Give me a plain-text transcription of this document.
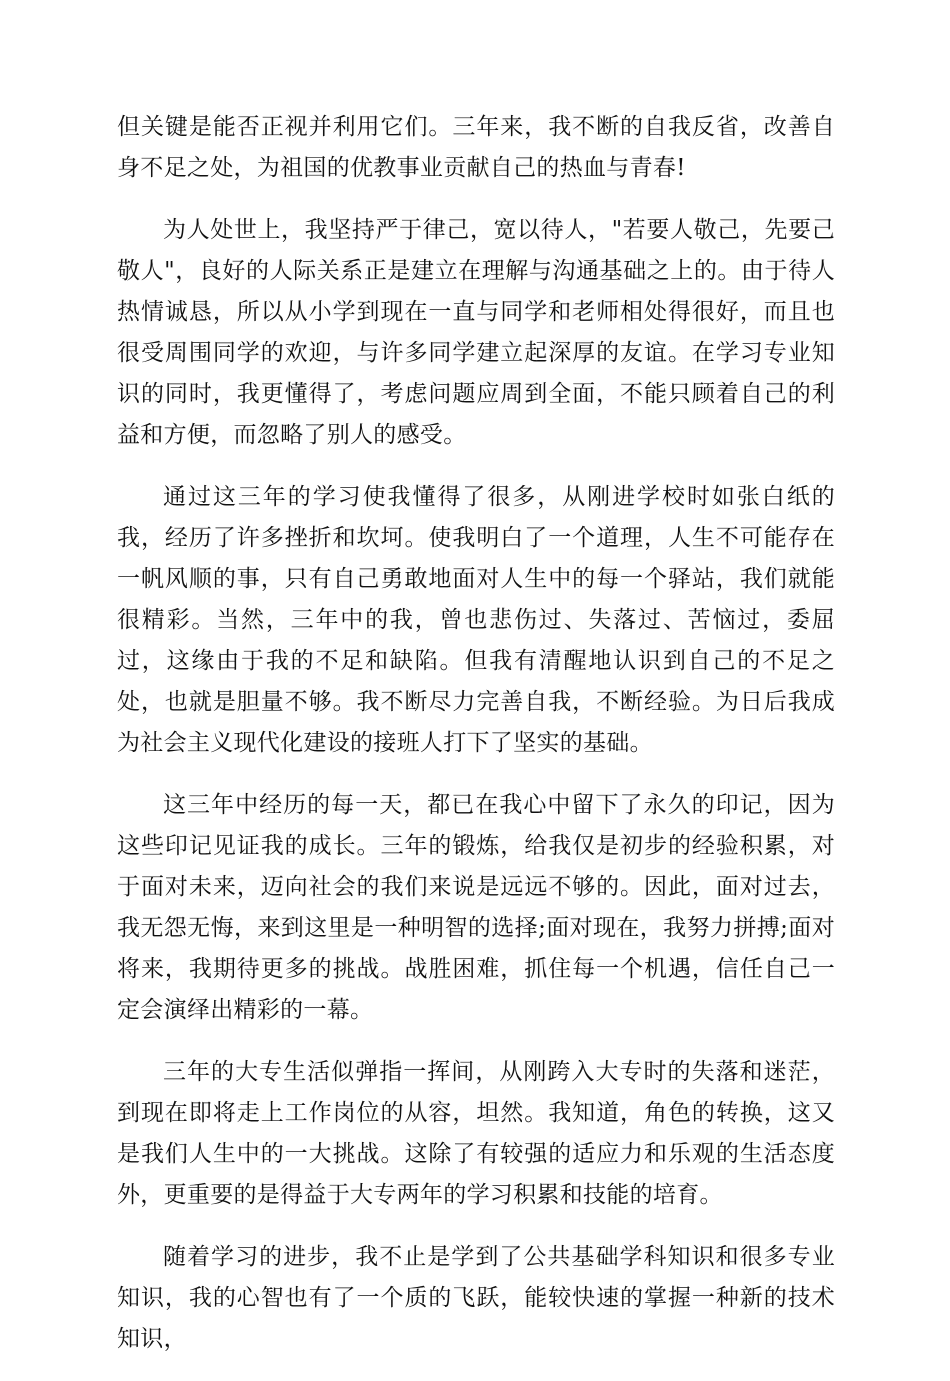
但关键是能否正视并利用它们。三年来，我不断的自我反省，改善自身不足之处，为祖国的优教事业贡献自己的热血与青春!

为人处世上，我坚持严于律己，宽以待人，"若要人敬己，先要己敬人"，良好的人际关系正是建立在理解与沟通基础之上的。由于待人热情诚恳，所以从小学到现在一直与同学和老师相处得很好，而且也很受周围同学的欢迎，与许多同学建立起深厚的友谊。在学习专业知识的同时，我更懂得了，考虑问题应周到全面，不能只顾着自己的利益和方便，而忽略了别人的感受。

通过这三年的学习使我懂得了很多，从刚进学校时如张白纸的我，经历了许多挫折和坎坷。使我明白了一个道理，人生不可能存在一帆风顺的事，只有自己勇敢地面对人生中的每一个驿站，我们就能很精彩。当然，三年中的我，曾也悲伤过、失落过、苦恼过，委屈过，这缘由于我的不足和缺陷。但我有清醒地认识到自己的不足之处，也就是胆量不够。我不断尽力完善自我，不断经验。为日后我成为社会主义现代化建设的接班人打下了坚实的基础。

这三年中经历的每一天，都已在我心中留下了永久的印记，因为这些印记见证我的成长。三年的锻炼，给我仅是初步的经验积累，对于面对未来，迈向社会的我们来说是远远不够的。因此，面对过去，我无怨无悔，来到这里是一种明智的选择;面对现在，我努力拼搏;面对将来，我期待更多的挑战。战胜困难，抓住每一个机遇，信任自己一定会演绎出精彩的一幕。

三年的大专生活似弹指一挥间，从刚跨入大专时的失落和迷茫，到现在即将走上工作岗位的从容，坦然。我知道，角色的转换，这又是我们人生中的一大挑战。这除了有较强的适应力和乐观的生活态度外，更重要的是得益于大专两年的学习积累和技能的培育。

随着学习的进步，我不止是学到了公共基础学科知识和很多专业知识，我的心智也有了一个质的飞跃，能较快速的掌握一种新的技术知识，
